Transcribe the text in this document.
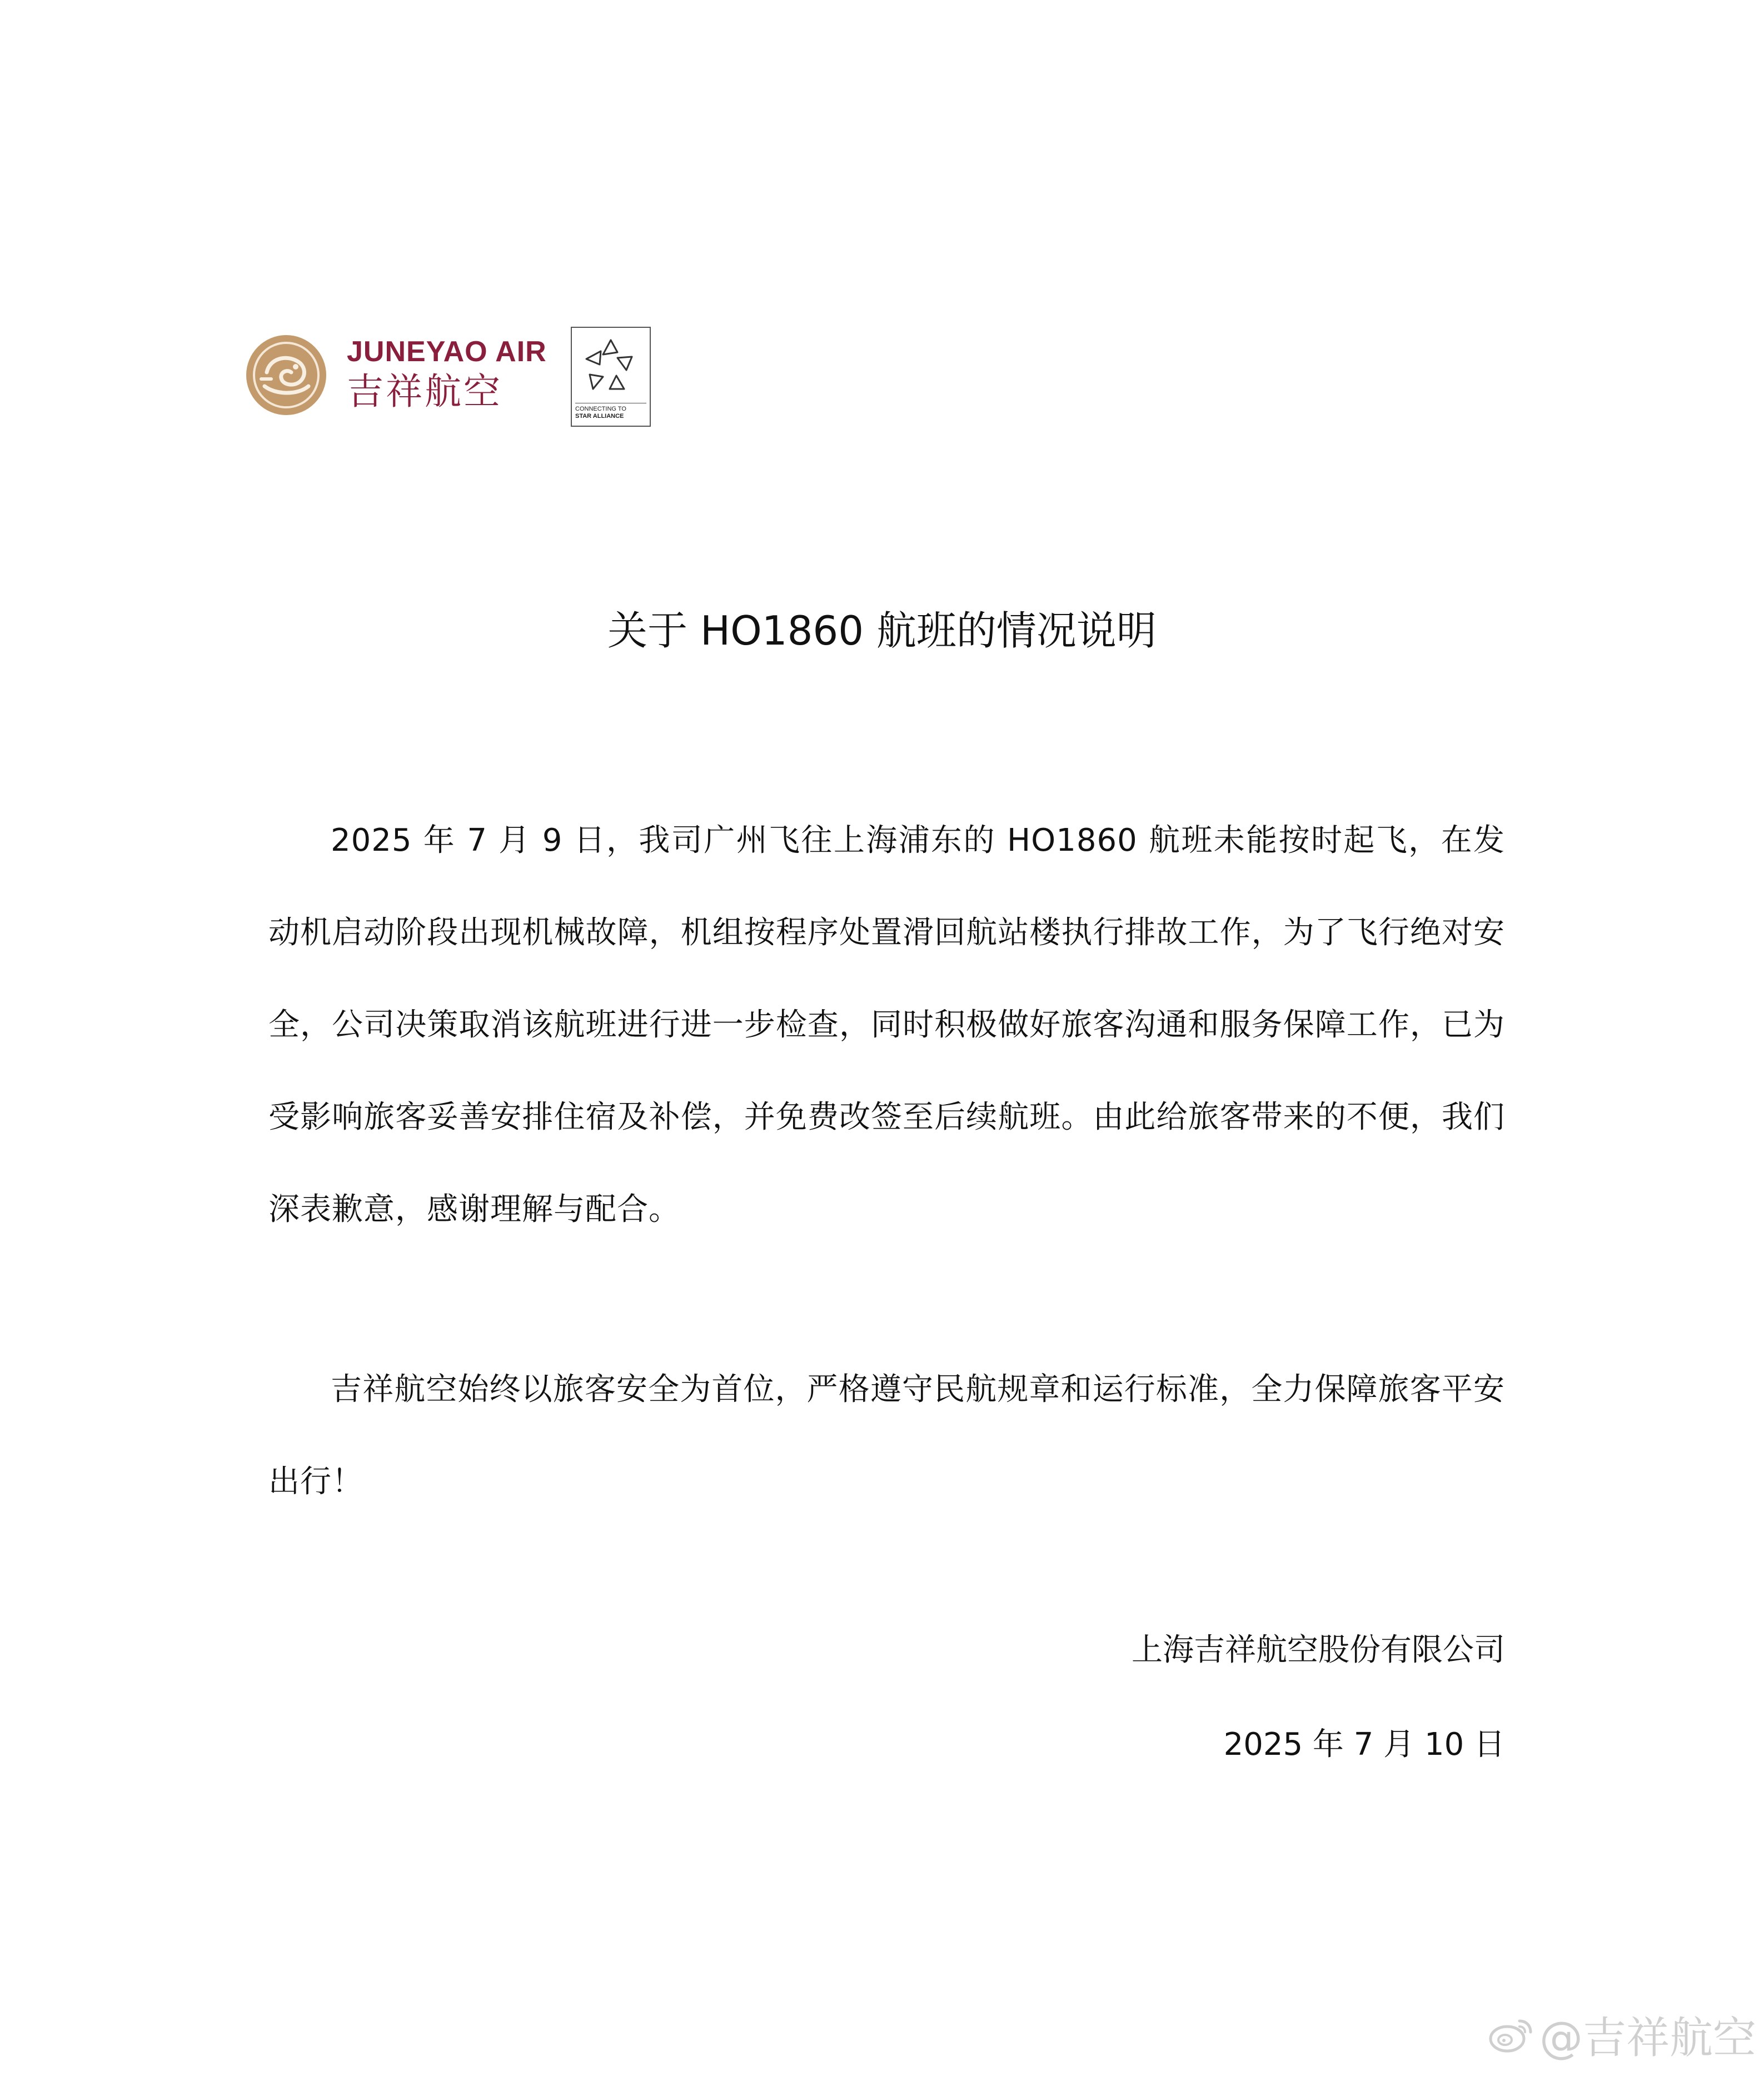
JUNEYAO AIR
吉祥航空	CONNECTING TO
STAR ALLIANCE
关于 HO1860 航班的情况说明

2025 年 7 月 9 日，我司广州飞往上海浦东的 HO1860 航班未能按时起飞，在发动机启动阶段出现机械故障，机组按程序处置滑回航站楼执行排故工作，为了飞行绝对安全，公司决策取消该航班进行进一步检查，同时积极做好旅客沟通和服务保障工作，已为受影响旅客妥善安排住宿及补偿，并免费改签至后续航班。由此给旅客带来的不便，我们深表歉意，感谢理解与配合。

吉祥航空始终以旅客安全为首位，严格遵守民航规章和运行标准，全力保障旅客平安出行！

上海吉祥航空股份有限公司
2025 年 7 月 10 日
@吉祥航空
